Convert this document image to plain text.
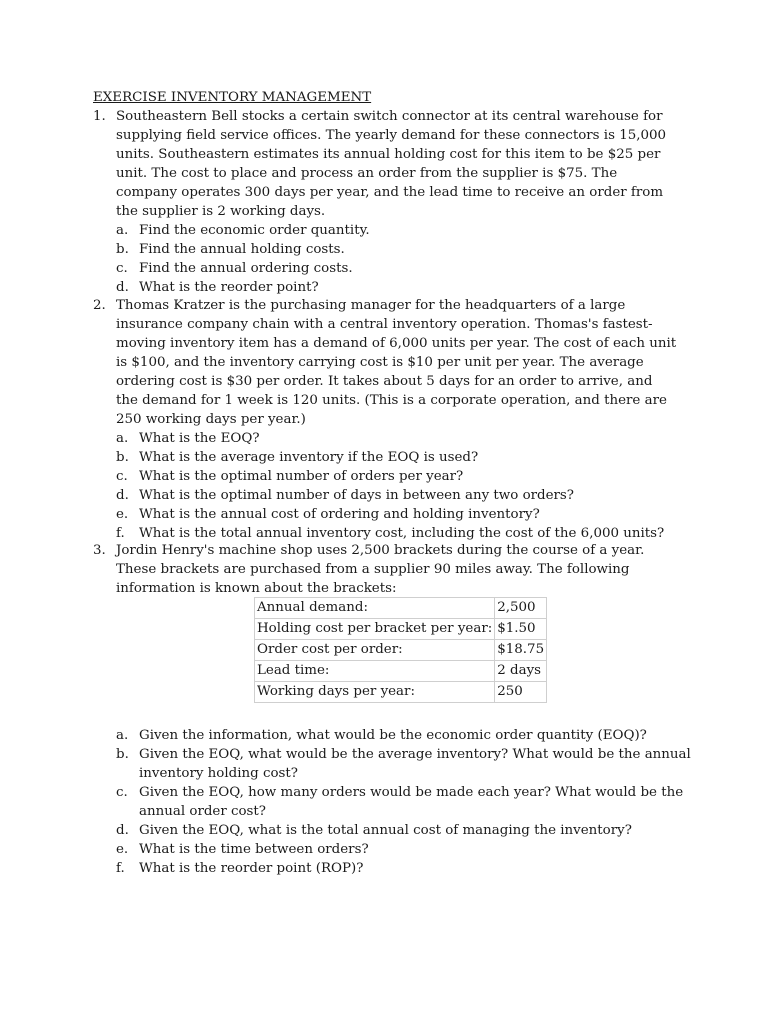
EXERCISE INVENTORY MANAGEMENT
1. Southeastern Bell stocks a certain switch connector at its central warehouse for supplying field service offices. The yearly demand for these connectors is 15,000 units. Southeastern estimates its annual holding cost for this item to be $25 per unit. The cost to place and process an order from the supplier is $75. The company operates 300 days per year, and the lead time to receive an order from the supplier is 2 working days.
a. Find the economic order quantity.
b. Find the annual holding costs.
c. Find the annual ordering costs.
d. What is the reorder point?
2. Thomas Kratzer is the purchasing manager for the headquarters of a large insurance company chain with a central inventory operation. Thomas's fastest-moving inventory item has a demand of 6,000 units per year. The cost of each unit is $100, and the inventory carrying cost is $10 per unit per year. The average ordering cost is $30 per order. It takes about 5 days for an order to arrive, and the demand for 1 week is 120 units. (This is a corporate operation, and there are 250 working days per year.)
a. What is the EOQ?
b. What is the average inventory if the EOQ is used?
c. What is the optimal number of orders per year?
d. What is the optimal number of days in between any two orders?
e. What is the annual cost of ordering and holding inventory?
f. What is the total annual inventory cost, including the cost of the 6,000 units?
3. Jordin Henry's machine shop uses 2,500 brackets during the course of a year. These brackets are purchased from a supplier 90 miles away. The following information is known about the brackets:
Annual demand:	2,500
Holding cost per bracket per year:	$1.50
Order cost per order:	$18.75
Lead time:	2 days
Working days per year:	250
a. Given the information, what would be the economic order quantity (EOQ)?
b. Given the EOQ, what would be the average inventory? What would be the annual inventory holding cost?
c. Given the EOQ, how many orders would be made each year? What would be the annual order cost?
d. Given the EOQ, what is the total annual cost of managing the inventory?
e. What is the time between orders?
f. What is the reorder point (ROP)?
